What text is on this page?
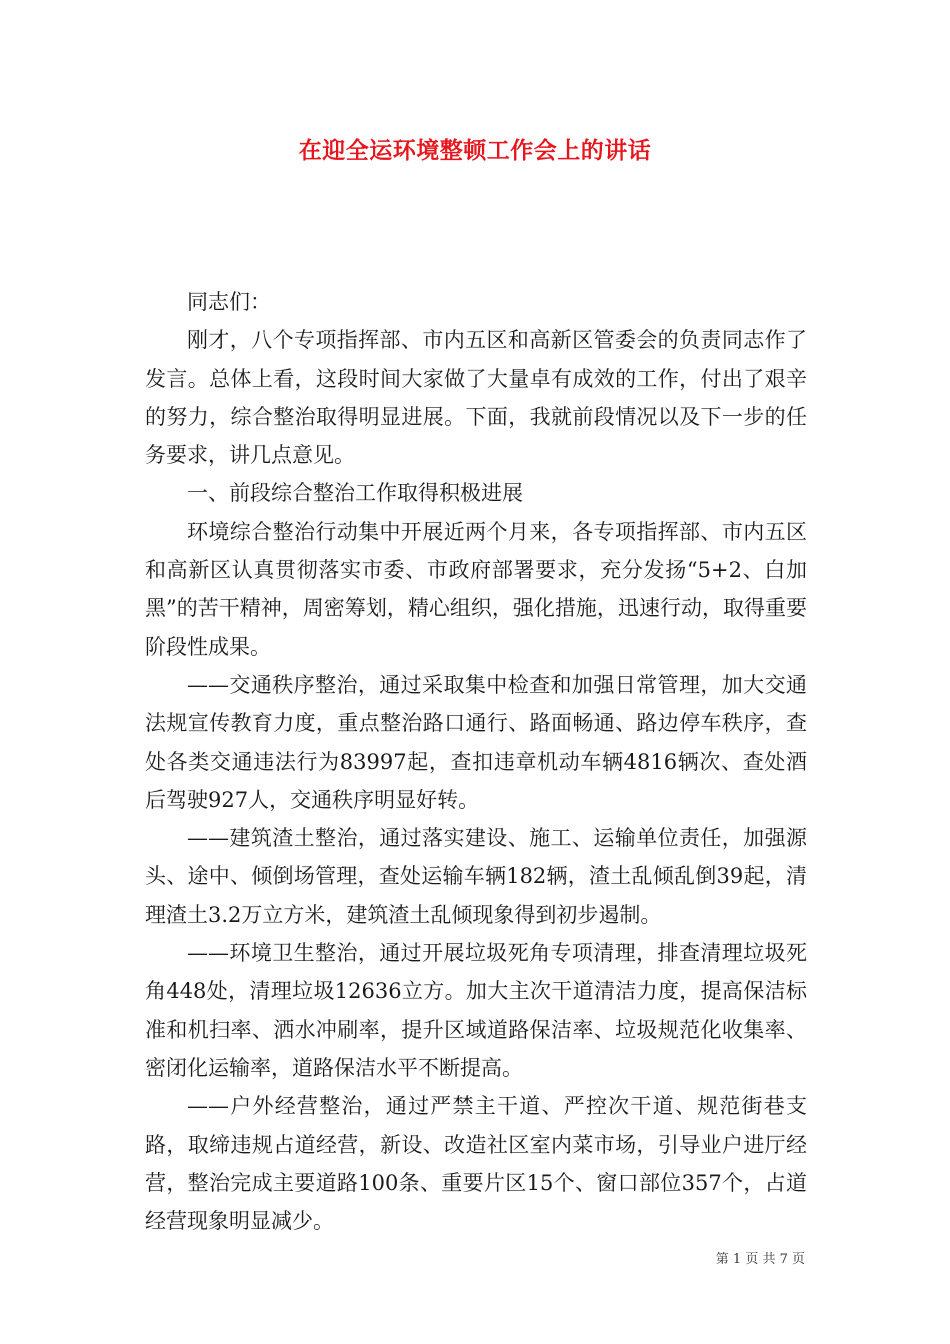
在迎全运环境整顿工作会上的讲话

同志们：

刚才，八个专项指挥部、市内五区和高新区管委会的负责同志作了发言。总体上看，这段时间大家做了大量卓有成效的工作，付出了艰辛的努力，综合整治取得明显进展。下面，我就前段情况以及下一步的任务要求，讲几点意见。

一、前段综合整治工作取得积极进展

环境综合整治行动集中开展近两个月来，各专项指挥部、市内五区和高新区认真贯彻落实市委、市政府部署要求，充分发扬“5+2、白加黑”的苦干精神，周密筹划，精心组织，强化措施，迅速行动，取得重要阶段性成果。

——交通秩序整治，通过采取集中检查和加强日常管理，加大交通法规宣传教育力度，重点整治路口通行、路面畅通、路边停车秩序，查处各类交通违法行为83997起，查扣违章机动车辆4816辆次、查处酒后驾驶927人，交通秩序明显好转。

——建筑渣土整治，通过落实建设、施工、运输单位责任，加强源头、途中、倾倒场管理，查处运输车辆182辆，渣土乱倾乱倒39起，清理渣土3.2万立方米，建筑渣土乱倾现象得到初步遏制。

——环境卫生整治，通过开展垃圾死角专项清理，排查清理垃圾死角448处，清理垃圾12636立方。加大主次干道清洁力度，提高保洁标准和机扫率、洒水冲刷率，提升区域道路保洁率、垃圾规范化收集率、密闭化运输率，道路保洁水平不断提高。

——户外经营整治，通过严禁主干道、严控次干道、规范街巷支路，取缔违规占道经营，新设、改造社区室内菜市场，引导业户进厅经营，整治完成主要道路100条、重要片区15个、窗口部位357个，占道经营现象明显减少。

第 1 页 共 7 页
